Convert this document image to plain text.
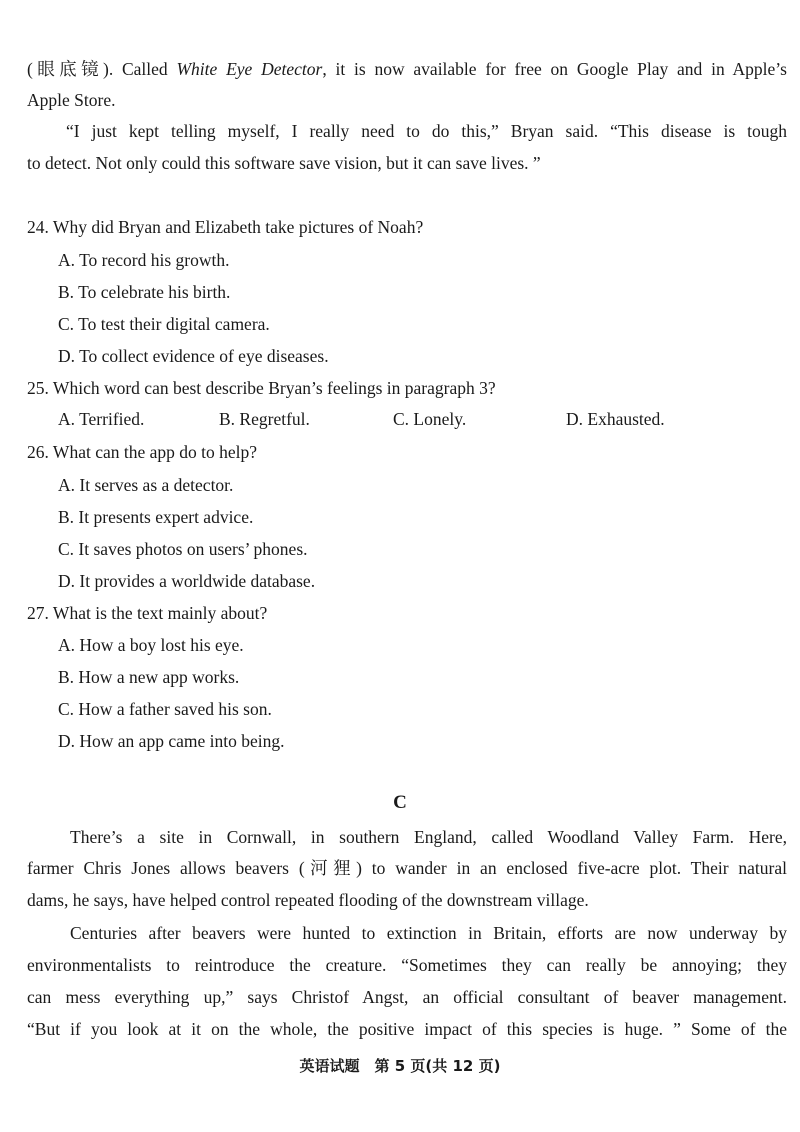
(眼底镜). Called White Eye Detector, it is now available for free on Google Play and in Apple’s
Apple Store.
“I just kept telling myself, I really need to do this,” Bryan said. “This disease is tough
to detect. Not only could this software save vision, but it can save lives. ”
24. Why did Bryan and Elizabeth take pictures of Noah?
A. To record his growth.
B. To celebrate his birth.
C. To test their digital camera.
D. To collect evidence of eye diseases.
25. Which word can best describe Bryan’s feelings in paragraph 3?
A. Terrified.	B. Regretful.	C. Lonely.	D. Exhausted.
26. What can the app do to help?
A. It serves as a detector.
B. It presents expert advice.
C. It saves photos on users’ phones.
D. It provides a worldwide database.
27. What is the text mainly about?
A. How a boy lost his eye.
B. How a new app works.
C. How a father saved his son.
D. How an app came into being.
C
There’s a site in Cornwall, in southern England, called Woodland Valley Farm. Here,
farmer Chris Jones allows beavers (河狸) to wander in an enclosed five-acre plot. Their natural
dams, he says, have helped control repeated flooding of the downstream village.
Centuries after beavers were hunted to extinction in Britain, efforts are now underway by
environmentalists to reintroduce the creature. “Sometimes they can really be annoying; they
can mess everything up,” says Christof Angst, an official consultant of beaver management.
“But if you look at it on the whole, the positive impact of this species is huge. ” Some of the
英语试题　第 5 页(共 12 页)
